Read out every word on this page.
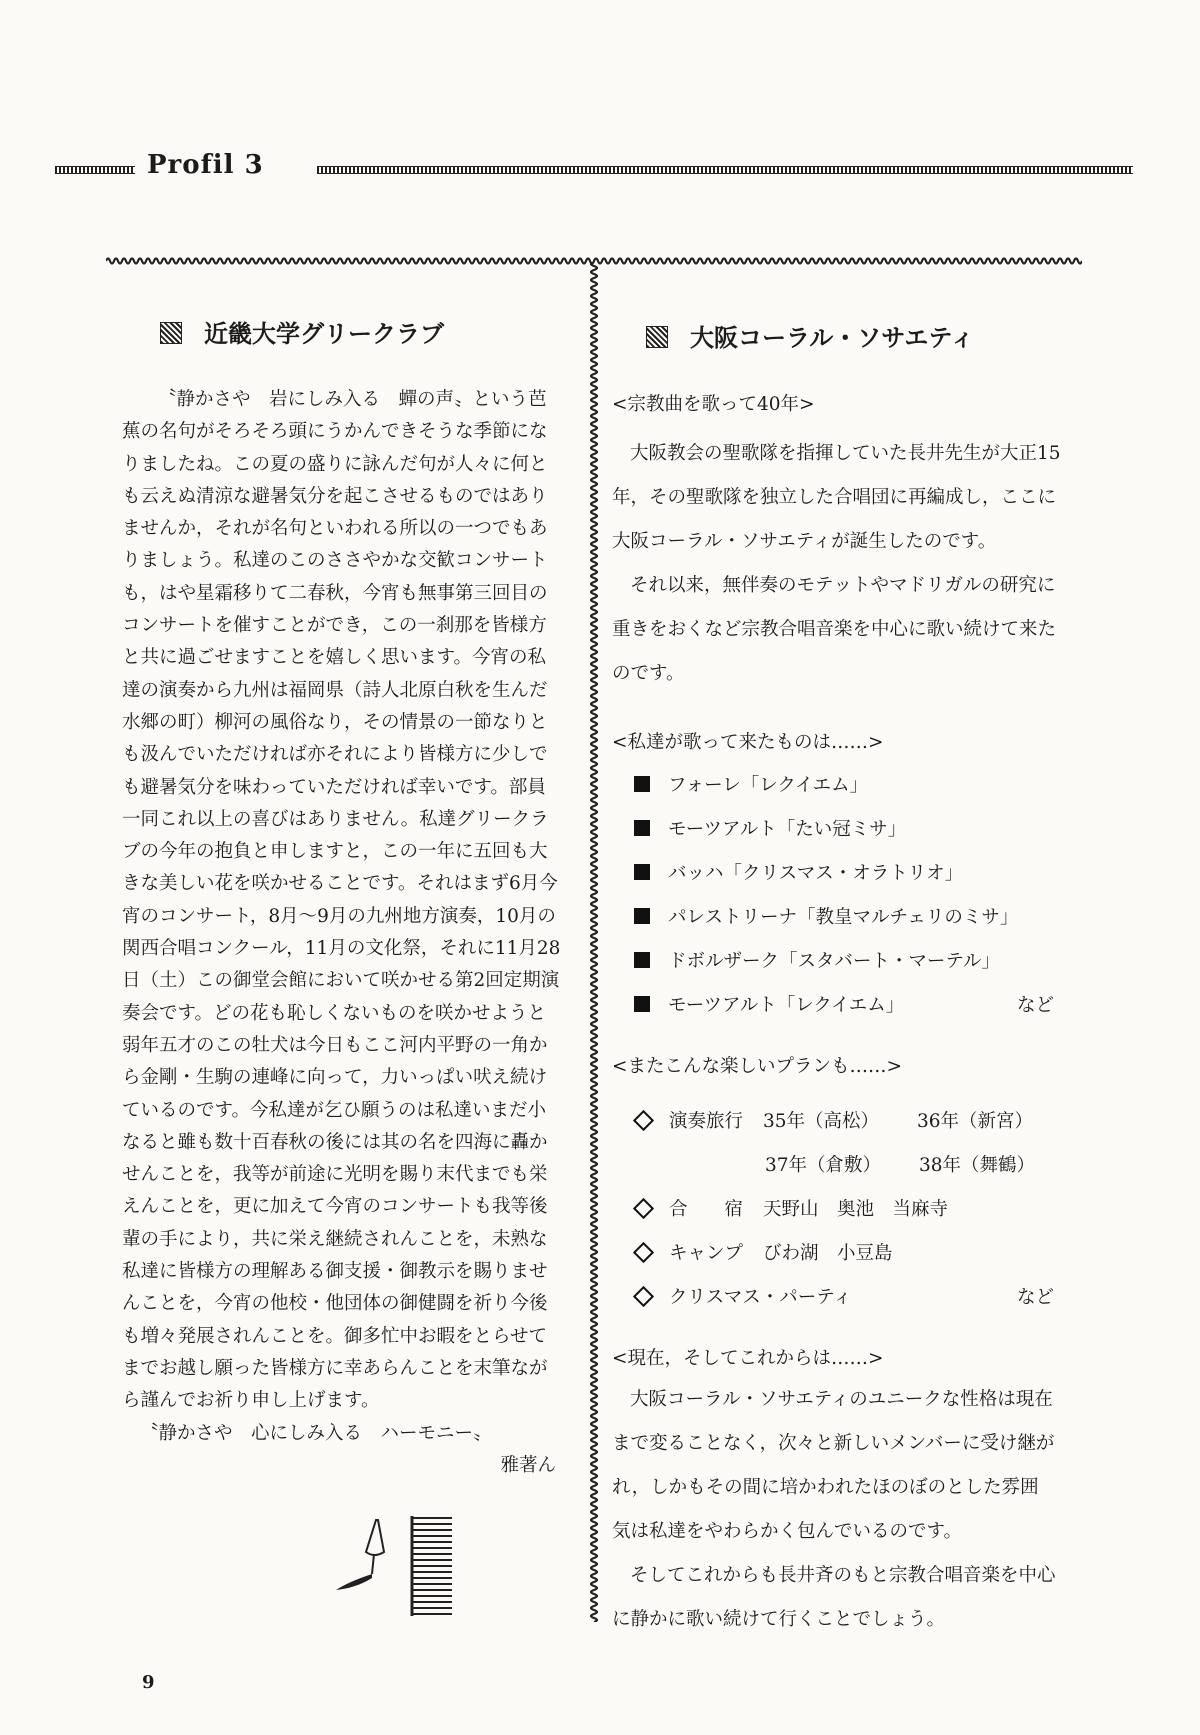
Profil 3
近畿大学グリークラブ

〝静かさや　岩にしみ入る　蟬の声〟という芭蕉の名句がそろそろ頭にうかんできそうな季節になりましたね。この夏の盛りに詠んだ句が人々に何とも云えぬ清涼な避暑気分を起こさせるものではありませんか，それが名句といわれる所以の一つでもありましょう。私達のこのささやかな交歓コンサートも，はや星霜移りて二春秋，今宵も無事第三回目のコンサートを催すことができ，この一刹那を皆様方と共に過ごせますことを嬉しく思います。今宵の私達の演奏から九州は福岡県（詩人北原白秋を生んだ水郷の町）柳河の風俗なり，その情景の一節なりとも汲んでいただければ亦それにより皆様方に少しでも避暑気分を味わっていただければ幸いです。部員一同これ以上の喜びはありません。私達グリークラブの今年の抱負と申しますと，この一年に五回も大きな美しい花を咲かせることです。それはまず6月今宵のコンサート，8月～9月の九州地方演奏，10月の関西合唱コンクール，11月の文化祭，それに11月28日（土）この御堂会館において咲かせる第2回定期演奏会です。どの花も恥しくないものを咲かせようと弱年五才のこの牡犬は今日もここ河内平野の一角から金剛・生駒の連峰に向って，力いっぱい吠え続けているのです。今私達が乞ひ願うのは私達いまだ小なると雖も数十百春秋の後には其の名を四海に轟かせんことを，我等が前途に光明を賜り末代までも栄えんことを，更に加えて今宵のコンサートも我等後輩の手により，共に栄え継続されんことを，未熟な私達に皆様方の理解ある御支援・御教示を賜りませんことを，今宵の他校・他団体の御健闘を祈り今後も増々発展されんことを。御多忙中お暇をとらせてまでお越し願った皆様方に幸あらんことを末筆ながら謹んでお祈り申し上げます。

〝静かさや　心にしみ入る　ハーモニー〟

雅著ん

大阪コーラル・ソサエティ
<宗教曲を歌って40年>

大阪教会の聖歌隊を指揮していた長井先生が大正15年，その聖歌隊を独立した合唱団に再編成し，ここに大阪コーラル・ソサエティが誕生したのです。

それ以来，無伴奏のモテットやマドリガルの研究に重きをおくなど宗教合唱音楽を中心に歌い続けて来たのです。

<私達が歌って来たものは……>
フォーレ「レクイエム」
モーツアルト「たい冠ミサ」
バッハ「クリスマス・オラトリオ」
パレストリーナ「教皇マルチェリのミサ」
ドボルザーク「スタバート・マーテル」
モーツアルト「レクイエム」	など
<またこんな楽しいプランも……>
演奏旅行	35年（高松）	36年（新宮）
37年（倉敷）	38年（舞鶴）
合　　宿	天野山　奥池　当麻寺
キャンプ	びわ湖　小豆島
クリスマス・パーティ	など
<現在，そしてこれからは……>

大阪コーラル・ソサエティのユニークな性格は現在まで変ることなく，次々と新しいメンバーに受け継がれ，しかもその間に培かわれたほのぼのとした雰囲気は私達をやわらかく包んでいるのです。

そしてこれからも長井斉のもと宗教合唱音楽を中心に静かに歌い続けて行くことでしょう。

9
